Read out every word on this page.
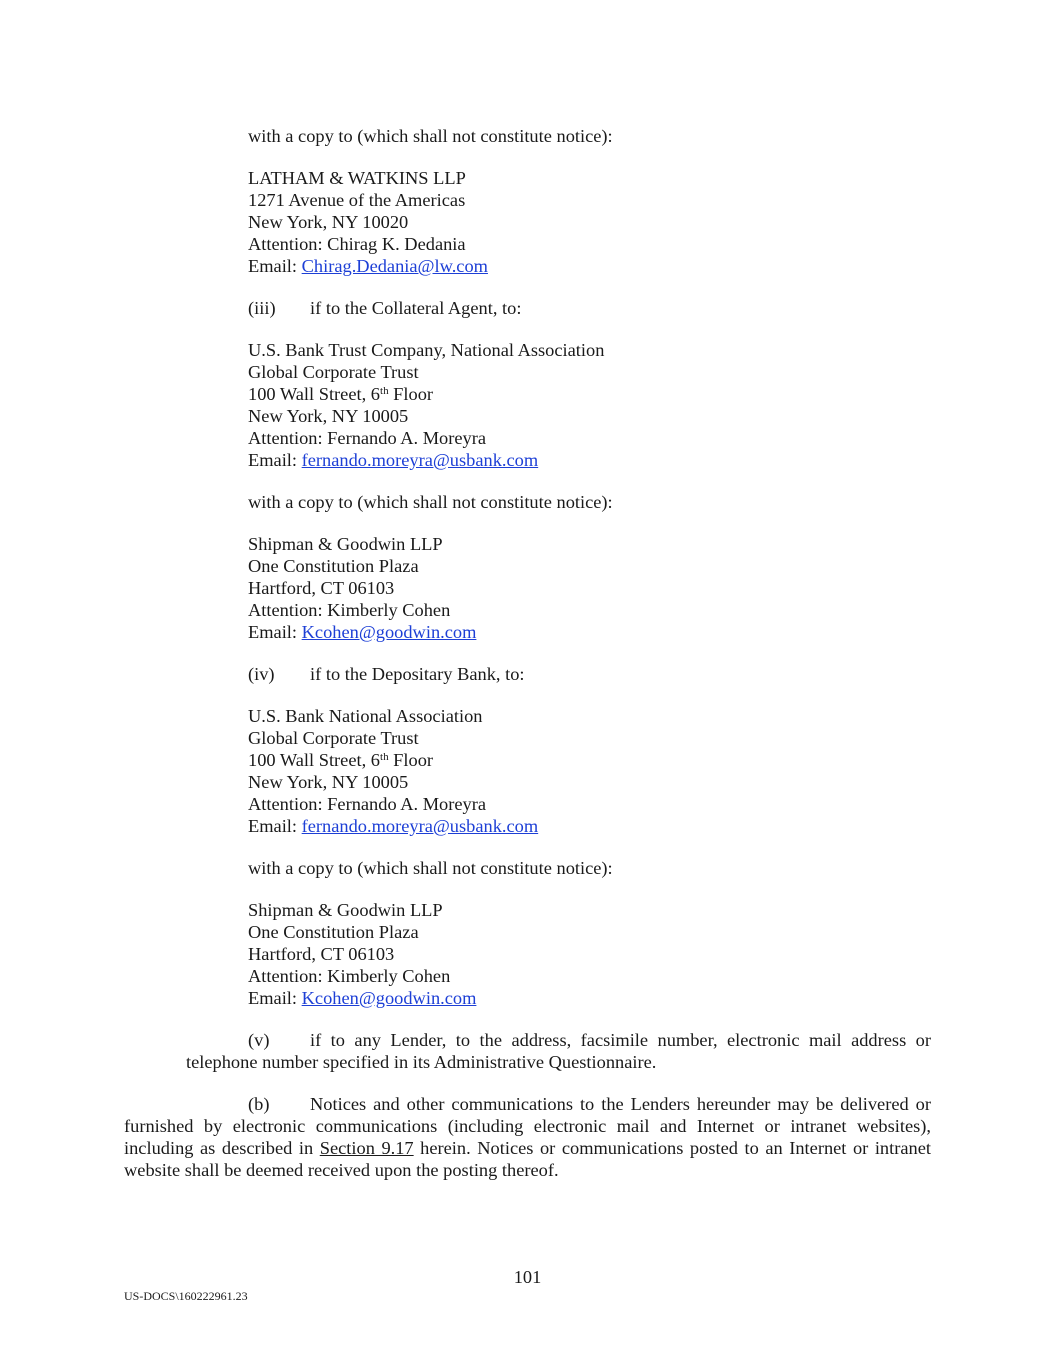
with a copy to (which shall not constitute notice):
LATHAM & WATKINS LLP
1271 Avenue of the Americas
New York, NY 10020
Attention: Chirag K. Dedania
Email: Chirag.Dedania@lw.com
(iii) if to the Collateral Agent, to:
U.S. Bank Trust Company, National Association
Global Corporate Trust
100 Wall Street, 6th Floor
New York, NY 10005
Attention: Fernando A. Moreyra
Email: fernando.moreyra@usbank.com
with a copy to (which shall not constitute notice):
Shipman & Goodwin LLP
One Constitution Plaza
Hartford, CT 06103
Attention: Kimberly Cohen
Email: Kcohen@goodwin.com
(iv) if to the Depositary Bank, to:
U.S. Bank National Association
Global Corporate Trust
100 Wall Street, 6th Floor
New York, NY 10005
Attention: Fernando A. Moreyra
Email: fernando.moreyra@usbank.com
with a copy to (which shall not constitute notice):
Shipman & Goodwin LLP
One Constitution Plaza
Hartford, CT 06103
Attention: Kimberly Cohen
Email: Kcohen@goodwin.com
(v) if to any Lender, to the address, facsimile number, electronic mail address or
telephone number specified in its Administrative Questionnaire.
(b) Notices and other communications to the Lenders hereunder may be delivered or
furnished by electronic communications (including electronic mail and Internet or intranet websites),
including as described in Section 9.17 herein. Notices or communications posted to an Internet or intranet
website shall be deemed received upon the posting thereof.
101
US-DOCS\160222961.23
